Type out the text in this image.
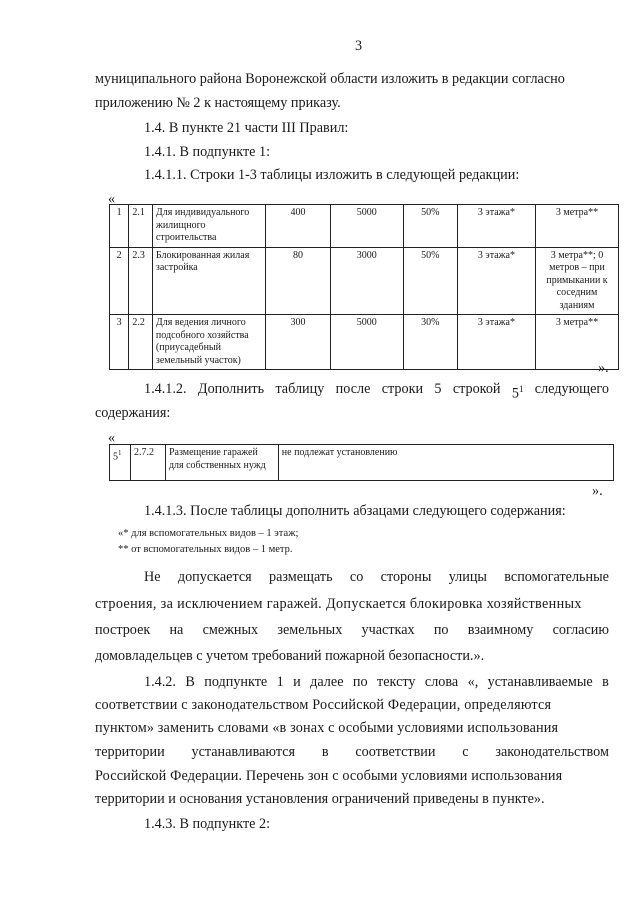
3
муниципального района Воронежской области изложить в редакции согласно
приложению № 2 к настоящему приказу.
1.4. В пункте 21 части III Правил:
1.4.1. В подпункте 1:
1.4.1.1. Строки 1-3 таблицы изложить в следующей редакции:
«
1	2.1	Для индивидуального жилищного строительства	400	5000	50%	3 этажа*	3 метра**
2	2.3	Блокированная жилая застройка	80	3000	50%	3 этажа*	3 метра**; 0 метров – при примыкании к соседним зданиям
3	2.2	Для ведения личного подсобного хозяйства (приусадебный земельный участок)	300	5000	30%	3 этажа*	3 метра**
».
1.4.1.2. Дополнить таблицу после строки 5 строкой $5^1$ следующего
содержания:
«
$5^1$	2.7.2	Размещение гаражей для собственных нужд	не подлежат установлению
».
1.4.1.3. После таблицы дополнить абзацами следующего содержания:
«* для вспомогательных видов – 1 этаж;
** от вспомогательных видов – 1 метр.
Не допускается размещать со стороны улицы вспомогательные
строения, за исключением гаражей. Допускается блокировка хозяйственных
построек на смежных земельных участках по взаимному согласию
домовладельцев с учетом требований пожарной безопасности.».
1.4.2. В подпункте 1 и далее по тексту слова «, устанавливаемые в
соответствии с законодательством Российской Федерации, определяются
пунктом» заменить словами «в зонах с особыми условиями использования
территории устанавливаются в соответствии с законодательством
Российской Федерации. Перечень зон с особыми условиями использования
территории и основания установления ограничений приведены в пункте».
1.4.3. В подпункте 2:
